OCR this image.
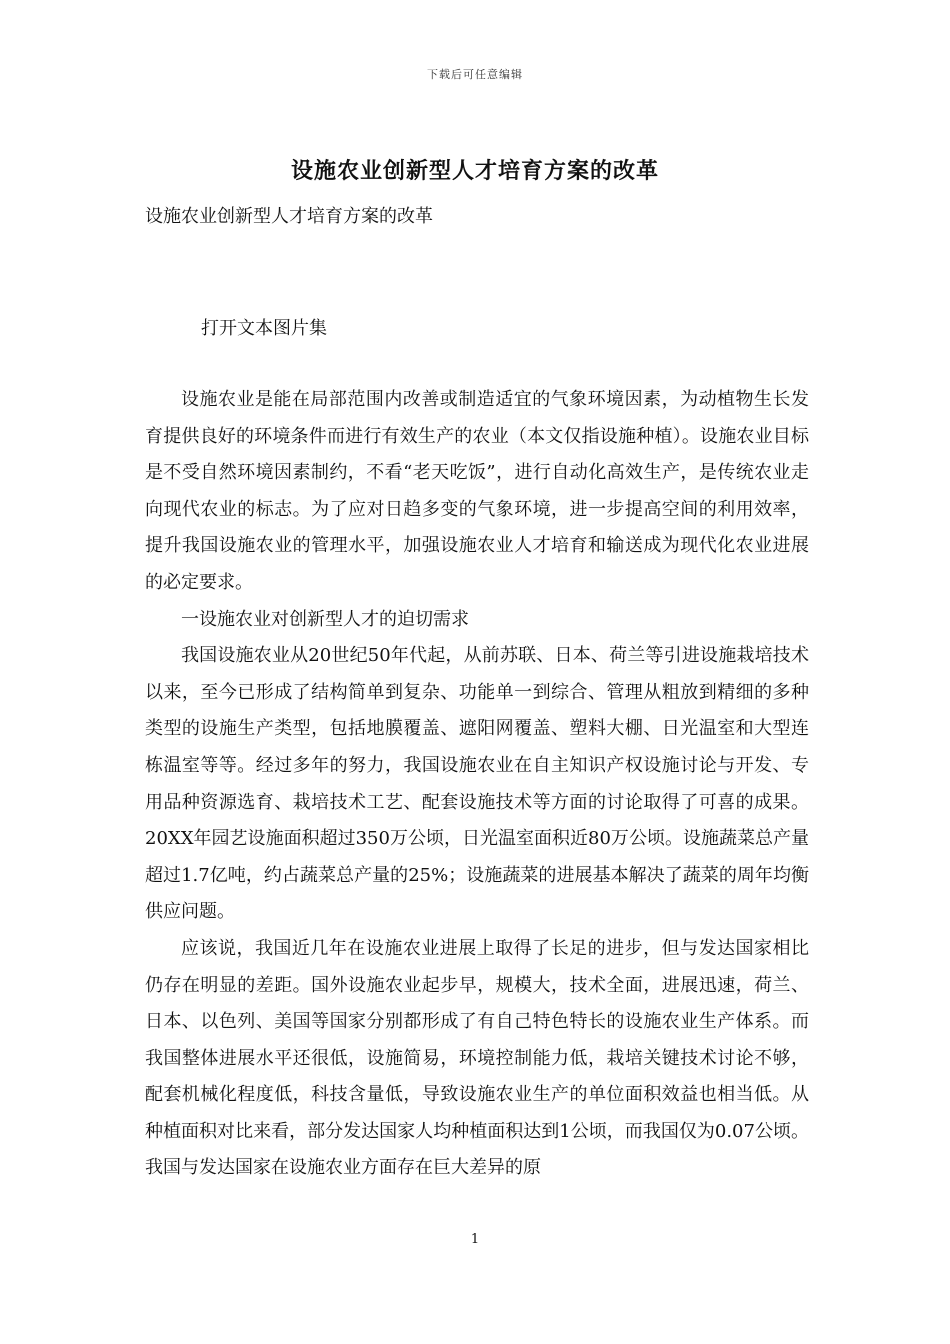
下载后可任意编辑
设施农业创新型人才培育方案的改革
设施农业创新型人才培育方案的改革
打开文本图片集

设施农业是能在局部范围内改善或制造适宜的气象环境因素，为动植物生长发育提供良好的环境条件而进行有效生产的农业（本文仅指设施种植）。设施农业目标是不受自然环境因素制约，不看“老天吃饭”，进行自动化高效生产，是传统农业走向现代农业的标志。为了应对日趋多变的气象环境，进一步提高空间的利用效率，提升我国设施农业的管理水平，加强设施农业人才培育和输送成为现代化农业进展的必定要求。

一设施农业对创新型人才的迫切需求

我国设施农业从20世纪50年代起，从前苏联、日本、荷兰等引进设施栽培技术以来，至今已形成了结构简单到复杂、功能单一到综合、管理从粗放到精细的多种类型的设施生产类型，包括地膜覆盖、遮阳网覆盖、塑料大棚、日光温室和大型连栋温室等等。经过多年的努力，我国设施农业在自主知识产权设施讨论与开发、专用品种资源选育、栽培技术工艺、配套设施技术等方面的讨论取得了可喜的成果。20XX年园艺设施面积超过350万公顷，日光温室面积近80万公顷。设施蔬菜总产量超过1.7亿吨，约占蔬菜总产量的25%；设施蔬菜的进展基本解决了蔬菜的周年均衡供应问题。

应该说，我国近几年在设施农业进展上取得了长足的进步，但与发达国家相比仍存在明显的差距。国外设施农业起步早，规模大，技术全面，进展迅速，荷兰、日本、以色列、美国等国家分别都形成了有自己特色特长的设施农业生产体系。而我国整体进展水平还很低，设施简易，环境控制能力低，栽培关键技术讨论不够，配套机械化程度低，科技含量低，导致设施农业生产的单位面积效益也相当低。从种植面积对比来看，部分发达国家人均种植面积达到1公顷，而我国仅为0.07公顷。我国与发达国家在设施农业方面存在巨大差异的原

1
